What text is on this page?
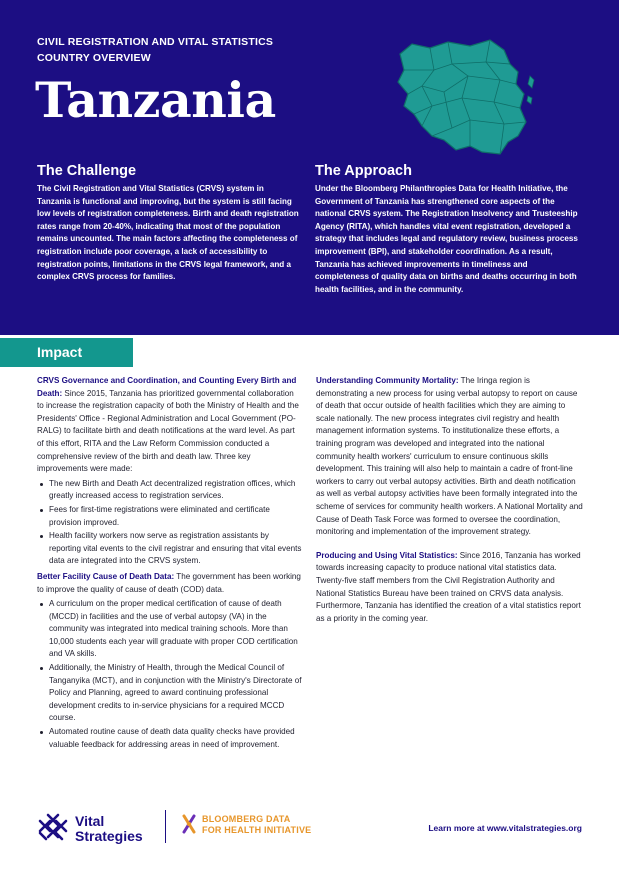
CIVIL REGISTRATION AND VITAL STATISTICS
COUNTRY OVERVIEW
Tanzania
The Challenge
The Civil Registration and Vital Statistics (CRVS) system in Tanzania is functional and improving, but the system is still facing low levels of registration completeness. Birth and death registration rates range from 20-40%, indicating that most of the population remains uncounted. The main factors affecting the completeness of registration include poor coverage, a lack of accessibility to registration points, limitations in the CRVS legal framework, and a complex CRVS process for families.
The Approach
Under the Bloomberg Philanthropies Data for Health Initiative, the Government of Tanzania has strengthened core aspects of the national CRVS system. The Registration Insolvency and Trusteeship Agency (RITA), which handles vital event registration, developed a strategy that includes legal and regulatory review, business process improvement (BPI), and stakeholder coordination. As a result, Tanzania has achieved improvements in timeliness and completeness of quality data on births and deaths occurring in both health facilities, and in the community.
Impact

CRVS Governance and Coordination, and Counting Every Birth and Death: Since 2015, Tanzania has prioritized governmental collaboration to increase the registration capacity of both the Ministry of Health and the Presidents' Office - Regional Administration and Local Government (PO-RALG) to facilitate birth and death notifications at the ward level. As part of this effort, RITA and the Law Reform Commission conducted a comprehensive review of the birth and death law. Three key improvements were made:

The new Birth and Death Act decentralized registration offices, which greatly increased access to registration services.
Fees for first-time registrations were eliminated and certificate provision improved.
Health facility workers now serve as registration assistants by reporting vital events to the civil registrar and ensuring that vital events data are integrated into the CRVS system.

Better Facility Cause of Death Data: The government has been working to improve the quality of cause of death (COD) data.

A curriculum on the proper medical certification of cause of death (MCCD) in facilities and the use of verbal autopsy (VA) in the community was integrated into medical training schools. More than 10,000 students each year will graduate with proper COD certification and VA skills.
Additionally, the Ministry of Health, through the Medical Council of Tanganyika (MCT), and in conjunction with the Ministry's Directorate of Policy and Planning, agreed to award continuing professional development credits to in-service physicians for a required MCCD course.
Automated routine cause of death data quality checks have provided valuable feedback for addressing areas in need of improvement.

Understanding Community Mortality: The Iringa region is demonstrating a new process for using verbal autopsy to report on cause of death that occur outside of health facilities which they are aiming to scale nationally. The new process integrates civil registry and health management information systems. To institutionalize these efforts, a training program was developed and integrated into the national community health workers' curriculum to ensure continuous skills development. This training will also help to maintain a cadre of front-line workers to carry out verbal autopsy activities. Birth and death notification as well as verbal autopsy activities have been formally integrated into the scheme of services for community health workers. A National Mortality and Cause of Death Task Force was formed to oversee the coordination, monitoring and implementation of the improvement strategy.

Producing and Using Vital Statistics: Since 2016, Tanzania has worked towards increasing capacity to produce national vital statistics data. Twenty-five staff members from the Civil Registration Authority and National Statistics Bureau have been trained on CRVS data analysis. Furthermore, Tanzania has identified the creation of a vital statistics report as a priority in the coming year.

Vital
Strategies
BLOOMBERG DATA
FOR HEALTH INITIATIVE	Learn more at www.vitalstrategies.org
